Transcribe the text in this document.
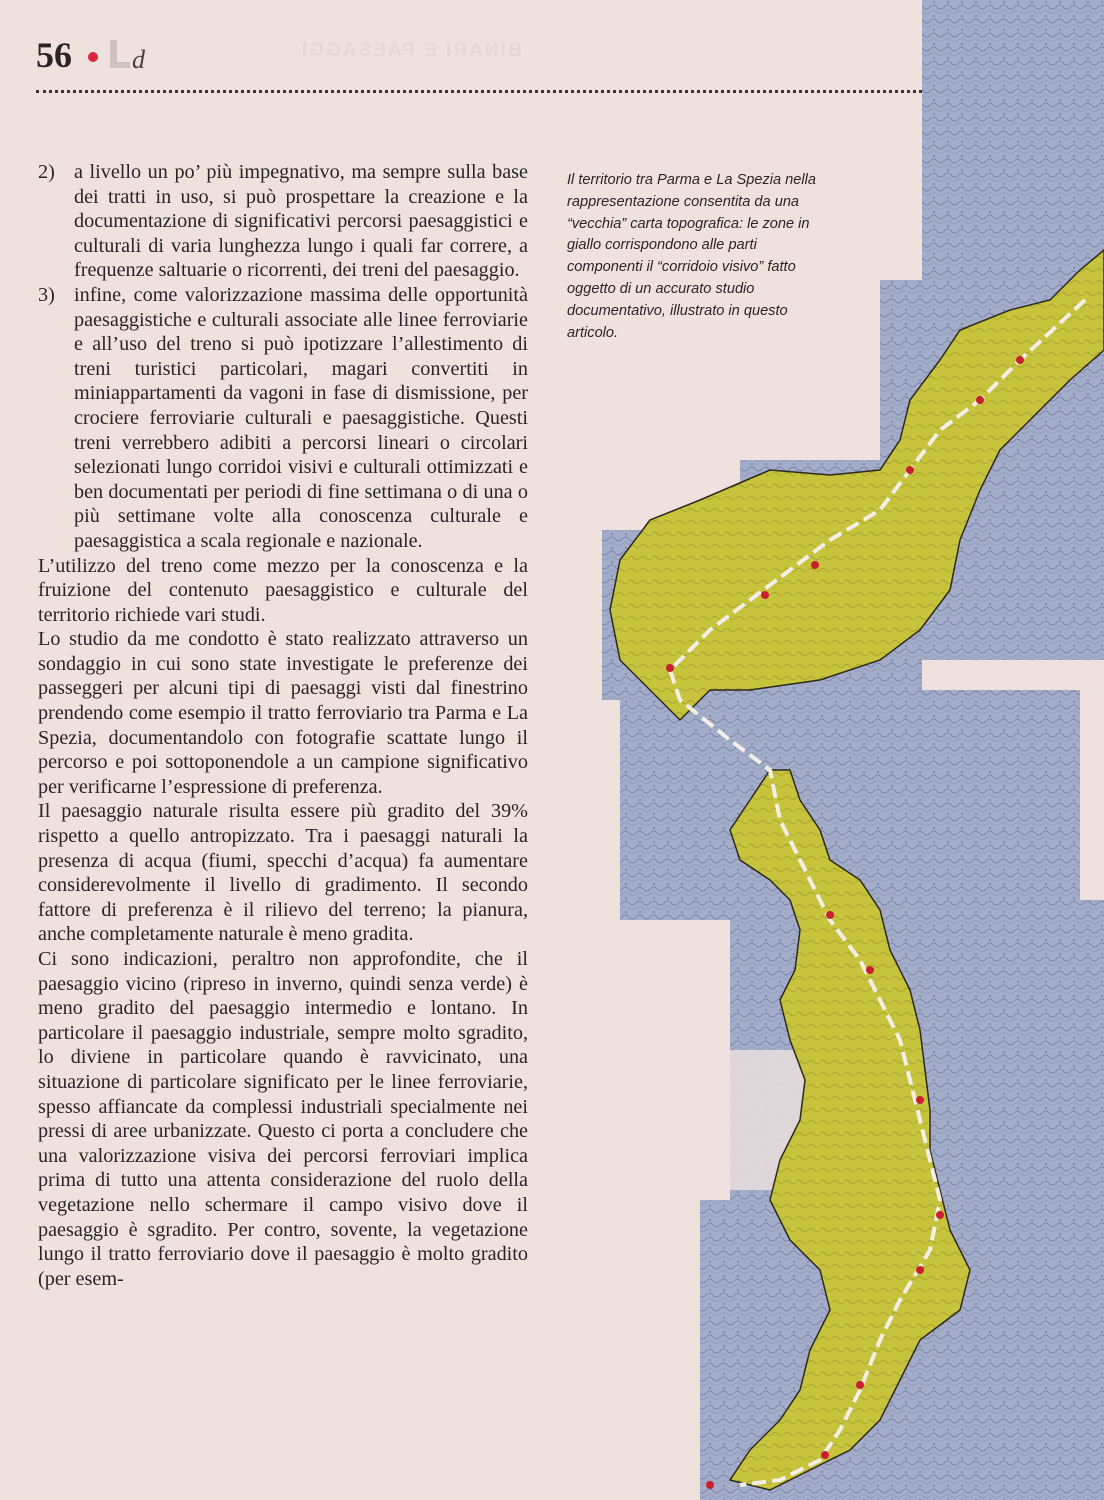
56 d	BINARI E PAESAGGI
2) a livello un po’ più impegnativo, ma sempre sulla base dei tratti in uso, si può prospettare la creazione e la documentazione di significativi percorsi paesaggistici e culturali di varia lunghezza lungo i quali far correre, a frequenze saltuarie o ricorrenti, dei treni del paesaggio.
3) infine, come valorizzazione massima delle opportunità paesaggistiche e culturali associate alle linee ferroviarie e all’uso del treno si può ipotizzare l’allestimento di treni turistici particolari, magari convertiti in miniappartamenti da vagoni in fase di dismissione, per crociere ferroviarie culturali e paesaggistiche. Questi treni verrebbero adibiti a percorsi lineari o circolari selezionati lungo corridoi visivi e culturali ottimizzati e ben documentati per periodi di fine settimana o di una o più settimane volte alla conoscenza culturale e paesaggistica a scala regionale e nazionale.

L’utilizzo del treno come mezzo per la conoscenza e la fruizione del contenuto paesaggistico e culturale del territorio richiede vari studi.

Lo studio da me condotto è stato realizzato attraverso un sondaggio in cui sono state investigate le preferenze dei passeggeri per alcuni tipi di paesaggi visti dal finestrino prendendo come esempio il tratto ferroviario tra Parma e La Spezia, documentandolo con fotografie scattate lungo il percorso e poi sottoponendole a un campione significativo per verificarne l’espressione di preferenza.

Il paesaggio naturale risulta essere più gradito del 39% rispetto a quello antropizzato. Tra i paesaggi naturali la presenza di acqua (fiumi, specchi d’acqua) fa aumentare considerevolmente il livello di gradimento. Il secondo fattore di preferenza è il rilievo del terreno; la pianura, anche completamente naturale è meno gradita.

Ci sono indicazioni, peraltro non approfondite, che il paesaggio vicino (ripreso in inverno, quindi senza verde) è meno gradito del paesaggio intermedio e lontano. In particolare il paesaggio industriale, sempre molto sgradito, lo diviene in particolare quando è ravvicinato, una situazione di particolare significato per le linee ferroviarie, spesso affiancate da complessi industriali specialmente nei pressi di aree urbanizzate. Questo ci porta a concludere che una valorizzazione visiva dei percorsi ferroviari implica prima di tutto una attenta considerazione del ruolo della vegetazione nello schermare il campo visivo dove il paesaggio è sgradito. Per contro, sovente, la vegetazione lungo il tratto ferroviario dove il paesaggio è molto gradito (per esem-

Il territorio tra Parma e La Spezia nella rappresentazione consentita da una “vecchia” carta topografica: le zone in giallo corrispondono alle parti componenti il “corridoio visivo” fatto oggetto di un accurato studio documentativo, illustrato in questo articolo.
